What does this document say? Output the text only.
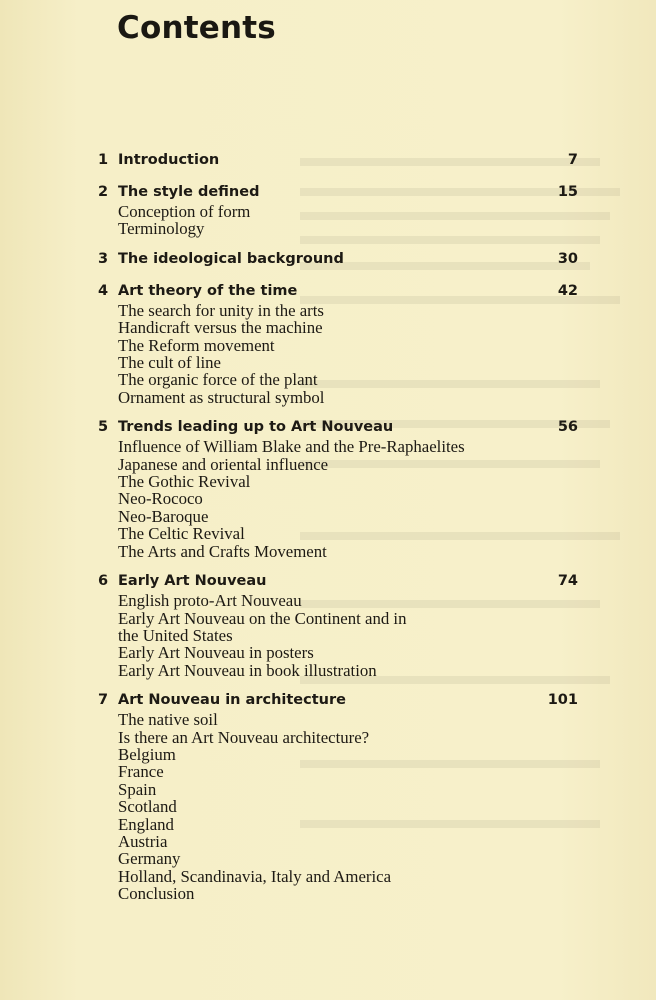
Contents
1 Introduction	7
2 The style defined	15
Conception of form
Terminology
3 The ideological background	30
4 Art theory of the time	42
The search for unity in the arts
Handicraft versus the machine
The Reform movement
The cult of line
The organic force of the plant
Ornament as structural symbol
5 Trends leading up to Art Nouveau	56
Influence of William Blake and the Pre-Raphaelites
Japanese and oriental influence
The Gothic Revival
Neo-Rococo
Neo-Baroque
The Celtic Revival
The Arts and Crafts Movement
6 Early Art Nouveau	74
English proto-Art Nouveau
Early Art Nouveau on the Continent and in
the United States
Early Art Nouveau in posters
Early Art Nouveau in book illustration
7 Art Nouveau in architecture	101
The native soil
Is there an Art Nouveau architecture?
Belgium
France
Spain
Scotland
England
Austria
Germany
Holland, Scandinavia, Italy and America
Conclusion
